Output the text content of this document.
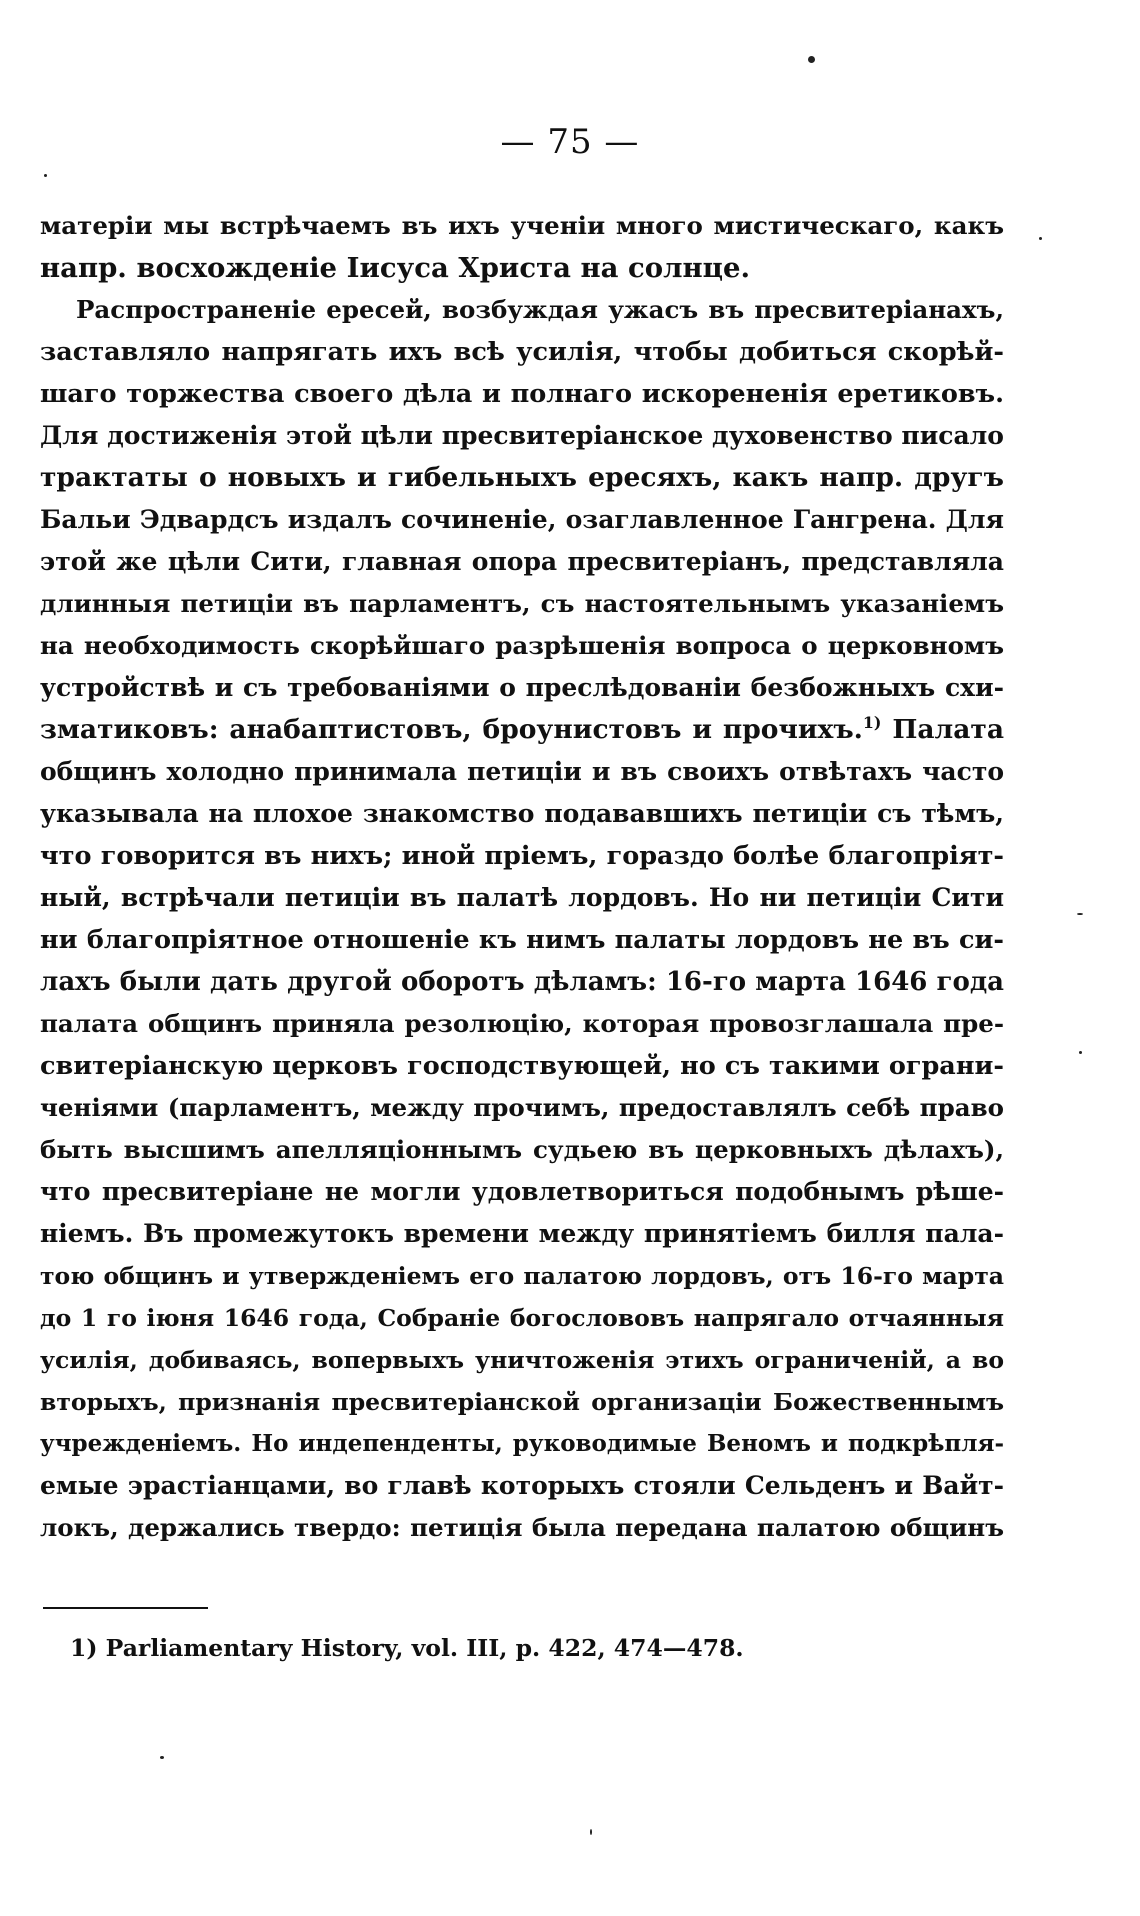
— 75 —
матеріи мы встрѣчаемъ въ ихъ ученіи много мистическаго, какъ
напр. восхожденіе Іисуса Христа на солнце.
Распространеніе ересей, возбуждая ужасъ въ пресвитеріанахъ,
заставляло напрягать ихъ всѣ усилія, чтобы добиться скорѣй-
шаго торжества своего дѣла и полнаго искорененія еретиковъ.
Для достиженія этой цѣли пресвитеріанское духовенство писало
трактаты о новыхъ и гибельныхъ ересяхъ, какъ напр. другъ
Бальи Эдвардсъ издалъ сочиненіе, озаглавленное Гангрена. Для
этой же цѣли Сити, главная опора пресвитеріанъ, представляла
длинныя петиціи въ парламентъ, съ настоятельнымъ указаніемъ
на необходимость скорѣйшаго разрѣшенія вопроса о церковномъ
устройствѣ и съ требованіями о преслѣдованіи безбожныхъ схи-
зматиковъ: анабаптистовъ, броунистовъ и прочихъ.$^{1)}$ Палата
общинъ холодно принимала петиціи и въ своихъ отвѣтахъ часто
указывала на плохое знакомство подававшихъ петиціи съ тѣмъ,
что говорится въ нихъ; иной пріемъ, гораздо болѣе благопріят-
ный, встрѣчали петиціи въ палатѣ лордовъ. Но ни петиціи Сити
ни благопріятное отношеніе къ нимъ палаты лордовъ не въ си-
лахъ были дать другой оборотъ дѣламъ: 16-го марта 1646 года
палата общинъ приняла резолюцію, которая провозглашала пре-
свитеріанскую церковъ господствующей, но съ такими ограни-
ченіями (парламентъ, между прочимъ, предоставлялъ себѣ право
быть высшимъ апелляціоннымъ судьею въ церковныхъ дѣлахъ),
что пресвитеріане не могли удовлетвориться подобнымъ рѣше-
ніемъ. Въ промежутокъ времени между принятіемъ билля пала-
тою общинъ и утвержденіемъ его палатою лордовъ, отъ 16-го марта
до 1 го іюня 1646 года, Собраніе богослововъ напрягало отчаянныя
усилія, добиваясь, вопервыхъ уничтоженія этихъ ограниченій, а во
вторыхъ, признанія пресвитеріанской организаціи Божественнымъ
учрежденіемъ. Но индепенденты, руководимые Веномъ и подкрѣпля-
емые эрастіанцами, во главѣ которыхъ стояли Сельденъ и Вайт-
локъ, держались твердо: петиція была передана палатою общинъ
1) Parliamentary History, vol. III, p. 422, 474—478.
